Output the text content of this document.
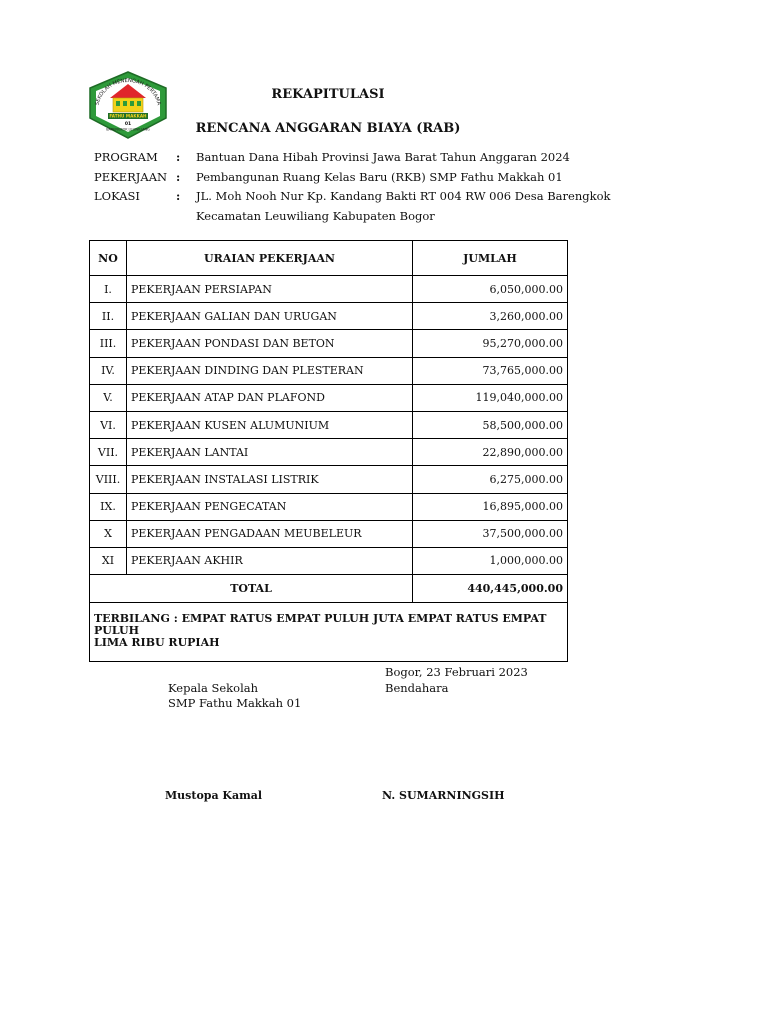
SEKOLAH MENENGAH PERTAMA
FATHU MAKKAH
01
BARENGKOK LEUWILIANG
REKAPITULASI
RENCANA ANGGARAN BIAYA (RAB)
PROGRAM	:	Bantuan Dana Hibah Provinsi Jawa Barat Tahun Anggaran 2024
PEKERJAAN :	Pembangunan Ruang Kelas Baru (RKB) SMP Fathu Makkah 01
LOKASI	:	JL. Moh Nooh Nur Kp. Kandang Bakti RT 004 RW 006 Desa Barengkok
Kecamatan Leuwiliang Kabupaten Bogor
NO	URAIAN PEKERJAAN	JUMLAH
I.	PEKERJAAN PERSIAPAN	6,050,000.00
II.	PEKERJAAN GALIAN DAN URUGAN	3,260,000.00
III.	PEKERJAAN PONDASI DAN BETON	95,270,000.00
IV.	PEKERJAAN DINDING DAN PLESTERAN	73,765,000.00
V.	PEKERJAAN ATAP DAN PLAFOND	119,040,000.00
VI.	PEKERJAAN KUSEN ALUMUNIUM	58,500,000.00
VII.	PEKERJAAN LANTAI	22,890,000.00
VIII.	PEKERJAAN INSTALASI LISTRIK	6,275,000.00
IX.	PEKERJAAN PENGECATAN	16,895,000.00
X	PEKERJAAN PENGADAAN MEUBELEUR	37,500,000.00
XI	PEKERJAAN AKHIR	1,000,000.00
TOTAL		440,445,000.00

TERBILANG : EMPAT RATUS EMPAT PULUH JUTA EMPAT RATUS EMPAT PULUH
LIMA RIBU RUPIAH		
Bogor, 23 Februari 2023
Bendahara
Kepala Sekolah
SMP Fathu Makkah 01
Mustopa Kamal	N. SUMARNINGSIH
